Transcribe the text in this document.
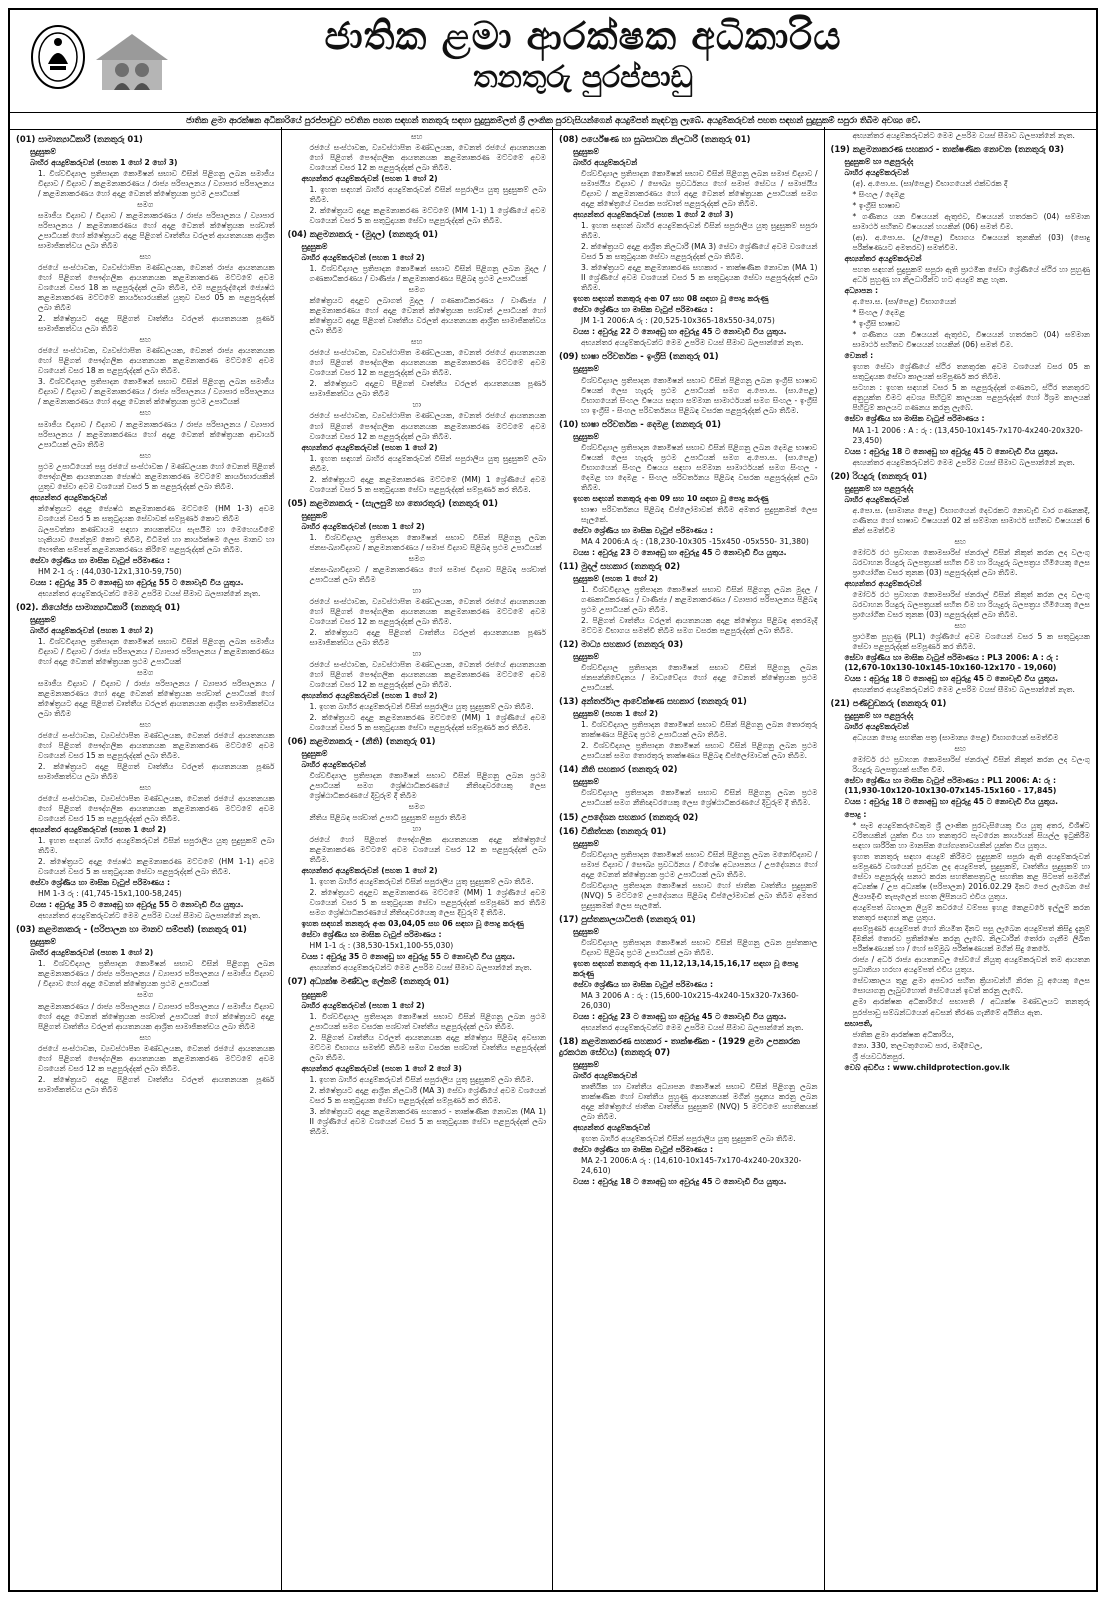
ජාතික ළමා ආරක්ෂක අධිකාරිය
තනතුරු පුරප්පාඩු
ජාතික ළමා ආරක්ෂක අධිකාරියේ පුරප්පාඩුව පවතින පහත සඳහන් තනතුරු සඳහා සුදුසුකම්ලත් ශ්‍රී ලාංකික පුරවැසියන්ගෙන් අයදුම්පත් කැඳවනු ලැබේ. අයදුම්කරුවන් පහත සඳහන් සුදුසුකම් සපුරා තිබීම අවශ්‍ය වේ.
(01) සාමාන්‍යාධිකාරී (තනතුරු 01)
සුදුසුකම්
බාහිර අයදුම්කරුවන් (පහත 1 හෝ 2 හෝ 3)
1. විශ්වවිද්‍යාල ප්‍රතිපාදන කොමිෂන් සභාව විසින් පිළිගනු ලබන සමාජීය විද්‍යාව / විද්‍යාව / කළමනාකරණය / රාජ්‍ය පරිපාලනය / ව්‍යාපාර පරිපාලනය / කළමනාකරණය හෝ අදාළ වෙනත් ක්ෂේත්‍රයක ප්‍රථම උපාධියක්
සමග
සමාජීය විද්‍යාව / විද්‍යාව / කළමනාකරණය / රාජ්‍ය පරිපාලනය / ව්‍යාපාර පරිපාලනය / කළමනාකරණය හෝ අදාළ වෙනත් ක්ෂේත්‍රයක පශ්චාත් උපාධියක් හෝ ක්ෂේත්‍රයට අදාළ පිළිගත් වෘත්තීය වරලත් ආයතනයක ආශ්‍රිත සාමාජිකත්වය ලබා තිබීම
සහ
රජයේ සංස්ථාවක, ව්‍යවස්ථාපිත මණ්ඩලයක, වෙනත් රාජ්‍ය ආයතනයක හෝ පිළිගත් පෞද්ගලික ආයතනයක කළමනාකරණ මට්ටමේ අවම වශයෙන් වසර 18 ක පළපුරුද්දක් ලබා තිබීම, එම පළපුරුද්දෙන් ජ්‍යෙෂ්ඨ කළමනාකරණ මට්ටමේ කාර්යභාරයකින් යුතුව වසර 05 ක පළපුරුද්දක් ලබා තිබීම
2. ක්ෂේත්‍රයට අදාළ පිළිගත් වෘත්තීය වරලත් ආයතනයක පූර්ණ සාමාජිකත්වය ලබා තිබීම
සහ
රජයේ සංස්ථාවක, ව්‍යවස්ථාපිත මණ්ඩලයක, වෙනත් රාජ්‍ය ආයතනයක හෝ පිළිගත් පෞද්ගලික ආයතනයක කළමනාකරණ මට්ටමේ අවම වශයෙන් වසර 18 ක පළපුරුද්දක් ලබා තිබීම.
3. විශ්වවිද්‍යාල ප්‍රතිපාදන කොමිෂන් සභාව විසින් පිළිගනු ලබන සමාජීය විද්‍යාව / විද්‍යාව / කළමනාකරණය / රාජ්‍ය පරිපාලනය / ව්‍යාපාර පරිපාලනය / කළමනාකරණය හෝ අදාළ වෙනත් ක්ෂේත්‍රයක ප්‍රථම උපාධියක්
සහ
සමාජීය විද්‍යාව / විද්‍යාව / කළමනාකරණය / රාජ්‍ය පරිපාලනය / ව්‍යාපාර පරිපාලනය / කළමනාකරණය හෝ අදාළ වෙනත් ක්ෂේත්‍රයක ආචාර්ය උපාධියක් ලබා තිබීම
සහ
ප්‍රථම උපාධියෙන් පසු රජයේ සංස්ථාවක / මණ්ඩලයක හෝ වෙනත් පිළිගත් පෞද්ගලික ආයතනයක ජ්‍යෙෂ්ඨ කළමනාකරණ මට්ටමේ කාර්යභාරයකින් යුතුව සේවා අවම වශයෙන් වසර 5 ක පළපුරුද්දක් ලබා තිබීම.
අභ්‍යන්තර අයදුම්කරුවන්
ක්ෂේත්‍රයට අදාළ ජ්‍යෙෂ්ඨ කළමනාකරණ මට්ටමේ (HM 1-3) අවම වශයෙන් වසර 5 ක සතුටුදායක සේවාවක් සම්පූර්ණ කොට තිබීම
බලපවත්නා කණ්ඩායම සඳහා නායකත්වය සැපයීම හා මෙහෙයවීමේ හැකියාව පෙන්නුම් කොට තිබීම, විධිමත් හා කාර්යක්ෂම ලෙස මානව හා භෞතික සම්පත් කළමනාකරණය කිරීමේ පළපුරුද්දක් ලබා තිබීම.
සේවා ශ්‍රේණිය හා මාසික වැටුප් පරිමාණය :
HM 2-1 රු : (44,030-12x1,310-59,750)
වයස : අවුරුදු 35 ට නොඅඩු හා අවුරුදු 55 ට නොවැඩි විය යුතුය.
අභ්‍යන්තර අයදුම්කරුවන්ට මෙම උපරිම වයස් සීමාව බලපාන්නේ නැත.
(02). නියෝජ්‍ය සාමාන්‍යාධිකාරී (තනතුරු 01)
සුදුසුකම්
බාහිර අයදුම්කරුවන් (පහත 1 හෝ 2)
1. විශ්වවිද්‍යාල ප්‍රතිපාදන කොමිෂන් සභාව විසින් පිළිගනු ලබන සමාජීය විද්‍යාව / විද්‍යාව / රාජ්‍ය පරිපාලනය / ව්‍යාපාර පරිපාලනය / කළමනාකරණය හෝ අදාළ වෙනත් ක්ෂේත්‍රයක ප්‍රථම උපාධියක්
සමග
සමාජීය විද්‍යාව / විද්‍යාව / රාජ්‍ය පරිපාලනය / ව්‍යාපාර පරිපාලනය / කළමනාකරණය හෝ අදාළ වෙනත් ක්ෂේත්‍රයක පශ්චාත් උපාධියක් හෝ ක්ෂේත්‍රයට අදාළ පිළිගත් වෘත්තීය වරලත් ආයතනයක ආශ්‍රිත සාමාජිකත්වය ලබා තිබීම
සහ
රජයේ සංස්ථාවක, ව්‍යවස්ථාපිත මණ්ඩලයක, වෙනත් රජයේ ආයතනයක හෝ පිළිගත් පෞද්ගලික ආයතනයක කළමනාකරණ මට්ටමේ අවම වශයෙන් වසර 15 ක පළපුරුද්දක් ලබා තිබීම.
2. ක්ෂේත්‍රයට අදාළ පිළිගත් වෘත්තීය වරලත් ආයතනයක පූර්ණ සාමාජිකත්වය ලබා තිබීම
සහ
රජයේ සංස්ථාවක, ව්‍යවස්ථාපිත මණ්ඩලයක, වෙනත් රජයේ ආයතනයක හෝ පිළිගත් පෞද්ගලික ආයතනයක කළමනාකරණ මට්ටමේ අවම වශයෙන් වසර 15 ක පළපුරුද්දක් ලබා තිබීම.
අභ්‍යන්තර අයදුම්කරුවන් (පහත 1 හෝ 2)
1. ඉහත සඳහන් බාහිර අයදුම්කරුවන් විසින් සපුරාලිය යුතු සුදුසුකම් ලබා තිබීම.
2. ක්ෂේත්‍රයට අදාළ ජ්‍යෙෂ්ඨ කළමනාකරණ මට්ටමේ (HM 1-1) අවම වශයෙන් වසර 5 ක සතුටුදායක සේවා පළපුරුද්දක් ලබා තිබීම.
සේවා ශ්‍රේණිය හා මාසික වැටුප් පරිමාණය :
HM 1-3 රු : (41,745-15x1,100-58,245)
වයස : අවුරුදු 35 ට නොඅඩු හා අවුරුදු 55 ට නොවැඩි විය යුතුය.
අභ්‍යන්තර අයදුම්කරුවන්ට මෙම උපරිම වයස් සීමාව බලපාන්නේ නැත.
(03) කළමනාකරු - (පරිපාලන හා මානව සම්පත්) (තනතුරු 01)
සුදුසුකම්
බාහිර අයදුම්කරුවන් (පහත 1 හෝ 2)
1. විශ්වවිද්‍යාල ප්‍රතිපාදන කොමිෂන් සභාව විසින් පිළිගනු ලබන කළමනාකරණය / රාජ්‍ය පරිපාලනය / ව්‍යාපාර පරිපාලනය / සමාජීය විද්‍යාව / විද්‍යාව හෝ අදාළ වෙනත් ක්ෂේත්‍රයක ප්‍රථම උපාධියක්
සමග
කළමනාකරණය / රාජ්‍ය පරිපාලනය / ව්‍යාපාර පරිපාලනය / සමාජීය විද්‍යාව හෝ අදාළ වෙනත් ක්ෂේත්‍රයක පශ්චාත් උපාධියක් හෝ ක්ෂේත්‍රයට අදාළ පිළිගත් වෘත්තීය වරලත් ආයතනයක ආශ්‍රිත සාමාජිකත්වය ලබා තිබීම
සහ
රජයේ සංස්ථාවක, ව්‍යවස්ථාපිත මණ්ඩලයක, වෙනත් රජයේ ආයතනයක හෝ පිළිගත් පෞද්ගලික ආයතනයක කළමනාකරණ මට්ටමේ අවම වශයෙන් වසර 12 ක පළපුරුද්දක් ලබා තිබීම.
2. ක්ෂේත්‍රයට අදාළ පිළිගත් වෘත්තීය වරලත් ආයතනයක පූර්ණ සාමාජිකත්වය ලබා තිබීම
සහ
රජයේ සංස්ථාවක, ව්‍යවස්ථාපිත මණ්ඩලයක, වෙනත් රජයේ ආයතනයක හෝ පිළිගත් පෞද්ගලික ආයතනයක කළමනාකරණ මට්ටමේ අවම වශයෙන් වසර 12 ක පළපුරුද්දක් ලබා තිබීම.
අභ්‍යන්තර අයදුම්කරුවන් (පහත 1 හෝ 2)
1. ඉහත සඳහන් බාහිර අයදුම්කරුවන් විසින් සපුරාලිය යුතු සුදුසුකම් ලබා තිබීම.
2. ක්ෂේත්‍රයට අදාළ කළමනාකරණ මට්ටමේ (MM 1-1) 1 ශ්‍රේණියේ අවම වශයෙන් වසර 5 ක සතුටුදායක සේවා පළපුරුද්දක් ලබා තිබීම.
(04) කළමනාකරු - (මුදල) (තනතුරු 01)
සුදුසුකම්
බාහිර අයදුම්කරුවන් (පහත 1 හෝ 2)
1. විශ්වවිද්‍යාල ප්‍රතිපාදන කොමිෂන් සභාව විසින් පිළිගනු ලබන මුදල / ගණකාධිකරණය / වාණිජ්‍ය / කළමනාකරණය පිළිබඳ ප්‍රථම උපාධියක්
සමග
ක්ෂේත්‍රයට අදාළව ලබාගත් මුදල / ගණකාධිකරණය / වාණිජ්‍ය / කළමනාකරණය හෝ අදාළ වෙනත් ක්ෂේත්‍රයක පශ්චාත් උපාධියක් හෝ ක්ෂේත්‍රයට අදාළ පිළිගත් වෘත්තීය වරලත් ආයතනයක ආශ්‍රිත සාමාජිකත්වය ලබා තිබීම
සහ
රජයේ සංස්ථාවක, ව්‍යවස්ථාපිත මණ්ඩලයක, වෙනත් රජයේ ආයතනයක හෝ පිළිගත් පෞද්ගලික ආයතනයක කළමනාකරණ මට්ටමේ අවම වශයෙන් වසර 12 ක පළපුරුද්දක් ලබා තිබීම.
2. ක්ෂේත්‍රයට අදාළව පිළිගත් වෘත්තීය වරලත් ආයතනයක පූර්ණ සාමාජිකත්වය ලබා තිබීම
හා
රජයේ සංස්ථාවක, ව්‍යවස්ථාපිත මණ්ඩලයක, වෙනත් රජයේ ආයතනයක හෝ පිළිගත් පෞද්ගලික ආයතනයක කළමනාකරණ මට්ටමේ අවම වශයෙන් වසර 12 ක පළපුරුද්දක් ලබා තිබීම.
අභ්‍යන්තර අයදුම්කරුවන් (පහත 1 හෝ 2)
1. ඉහත සඳහන් බාහිර අයදුම්කරුවන් විසින් සපුරාලිය යුතු සුදුසුකම් ලබා තිබීම.
2. ක්ෂේත්‍රයට අදාළ කළමනාකරණ මට්ටමේ (MM) 1 ශ්‍රේණියේ අවම වශයෙන් වසර 5 ක සතුටුදායක සේවා පළපුරුද්දක් සම්පූර්ණ කර තිබීම.
(05) කළමනාකරු - (සැලසුම් හා තොරතුරු) (තනතුරු 01)
සුදුසුකම්
බාහිර අයදුම්කරුවන් (පහත 1 හෝ 2)
1. විශ්වවිද්‍යාල ප්‍රතිපාදන කොමිෂන් සභාව විසින් පිළිගනු ලබන ජනසංඛ්‍යාවිද්‍යාව / කළමනාකරණය / සමාජ විද්‍යාව පිළිබඳ ප්‍රථම උපාධියක්
සමග
ජනසංඛ්‍යාවිද්‍යාව / කළමනාකරණය හෝ සමාජ විද්‍යාව පිළිබඳ පශ්චාත් උපාධියක් ලබා තිබීම
හා
රජයේ සංස්ථාවක, ව්‍යවස්ථාපිත මණ්ඩලයක, වෙනත් රජයේ ආයතනයක හෝ පිළිගත් පෞද්ගලික ආයතනයක කළමනාකරණ මට්ටමේ අවම වශයෙන් වසර 12 ක පළපුරුද්දක් ලබා තිබීම.
2. ක්ෂේත්‍රයට අදාළ පිළිගත් වෘත්තීය වරලත් ආයතනයක පූර්ණ සාමාජිකත්වය ලබා තිබීම
හා
රජයේ සංස්ථාවක, ව්‍යවස්ථාපිත මණ්ඩලයක, වෙනත් රජයේ ආයතනයක හෝ පිළිගත් පෞද්ගලික ආයතනයක කළමනාකරණ මට්ටමේ අවම වශයෙන් වසර 12 ක පළපුරුද්දක් ලබා තිබීම.
අභ්‍යන්තර අයදුම්කරුවන් (පහත 1 හෝ 2)
1. ඉහත බාහිර අයදුම්කරුවන් විසින් සපුරාලිය යුතු සුදුසුකම් ලබා තිබීම.
2. ක්ෂේත්‍රයට අදාළ කළමනාකරණ මට්ටමේ (MM) 1 ශ්‍රේණියේ අවම වශයෙන් වසර 5 ක සතුටුදායක සේවා පළපුරුද්දක් සම්පූර්ණ කර තිබීම.
(06) කළමනාකරු - (නීති) (තනතුරු 01)
සුදුසුකම්
බාහිර අයදුම්කරුවන්
විශ්වවිද්‍යාල ප්‍රතිපාදන කොමිෂන් සභාව විසින් පිළිගනු ලබන ප්‍රථම උපාධියක් සමග ශ්‍රේෂ්ඨාධිකරණයේ නීතිඥවරයෙකු ලෙස ශ්‍රේෂ්ඨාධිකරණයේ දිවුරුම් දී තිබීම
සමග
නීතිය පිළිබඳ පශ්චාත් උපාධි සුදුසුකම් සපුරා තිබීම
හා
රජයේ හෝ පිළිගත් පෞද්ගලික ආයතනයක අදාළ ක්ෂේත්‍රයේ කළමනාකරණ මට්ටමේ අවම වශයෙන් වසර 12 ක පළපුරුද්දක් ලබා තිබීම.
අභ්‍යන්තර අයදුම්කරුවන් (පහත 1 හෝ 2)
1. ඉහත බාහිර අයදුම්කරුවන් විසින් සපුරාලිය යුතු සුදුසුකම් ලබා තිබීම.
2. ක්ෂේත්‍රයට අදාළව කළමනාකරණ මට්ටමේ (MM) 1 ශ්‍රේණියේ අවම වශයෙන් වසර 5 ක සතුටුදායක සේවා පළපුරුද්දක් සම්පූර්ණ කර තිබීම සමග ශ්‍රේෂ්ඨාධිකරණයේ නීතිඥවරයෙකු ලෙස දිවුරුම් දී තිබීම.
ඉහත සඳහන් තනතුරු අංක 03,04,05 සහ 06 සඳහා වූ පොදු කරුණු
සේවා ශ්‍රේණිය හා මාසික වැටුප් පරිමාණය :
HM 1-1 රු : (38,530-15x1,100-55,030)
වයස : අවුරුදු 35 ට නොඅඩු හා අවුරුදු 55 ට නොවැඩි විය යුතුය.
අභ්‍යන්තර අයදුම්කරුවන්ට මෙම උපරිම වයස් සීමාව බලපාන්නේ නැත.
(07) අධ්‍යක්ෂ මණ්ඩල ලේකම් (තනතුරු 01)
සුදුසුකම්
බාහිර අයදුම්කරුවන් (පහත 1 හෝ 2)
1. විශ්වවිද්‍යාල ප්‍රතිපාදන කොමිෂන් සභාව විසින් පිළිගනු ලබන ප්‍රථම උපාධියක් සමග වසරක පශ්චාත් වෘත්තීය පළපුරුද්දක් ලබා තිබීම.
2. පිළිගත් වෘත්තීය වරලත් ආයතනයක අදාළ ක්ෂේත්‍රය පිළිබඳ අවසාන මට්ටම විභාගය සමත්වී තිබීම සමග වසරක පශ්චාත් වෘත්තීය පළපුරුද්දක් ලබා තිබීම.
අභ්‍යන්තර අයදුම්කරුවන් (පහත 1 හෝ 2 හෝ 3)
1. ඉහත බාහිර අයදුම්කරුවන් විසින් සපුරාලිය යුතු සුදුසුකම් ලබා තිබීම.
2. ක්ෂේත්‍රයට අදාළ ආශ්‍රිත නිලධාරී (MA 3) සේවා ශ්‍රේණියේ අවම වශයෙන් වසර 5 ක සතුටුදායක සේවා පළපුරුද්දක් සම්පූර්ණ කර තිබීම.
3. ක්ෂේත්‍රයට අදාළ කළමනාකරණ සහකාර - තාක්ෂණික නොවන (MA 1) II ශ්‍රේණියේ අවම වශයෙන් වසර 5 ක සතුටුදායක සේවා පළපුරුද්දක් ලබා තිබීම.
(08) පර්යේෂණ හා සුබසාධන නිලධාරී (තනතුරු 01)
සුදුසුකම්
බාහිර අයදුම්කරුවන්
විශ්වවිද්‍යාල ප්‍රතිපාදන කොමිෂන් සභාව විසින් පිළිගනු ලබන සමාජ විද්‍යාව / සමාජයීය විද්‍යාව / සෞඛ්‍ය ප්‍රවර්ධනය හෝ සමාජ සේවය / සමාජයීය විද්‍යාව / කළමනාකරණය හෝ අදාළ වෙනත් ක්ෂේත්‍රයක උපාධියක් සමග අදාළ ක්ෂේත්‍රයේ වසරක පශ්චාත් පළපුරුද්දක් ලබා තිබීම.
අභ්‍යන්තර අයදුම්කරුවන් (පහත 1 හෝ 2 හෝ 3)
1. ඉහත සඳහන් බාහිර අයදුම්කරුවන් විසින් සපුරාලිය යුතු සුදුසුකම් සපුරා තිබීම.
2. ක්ෂේත්‍රයට අදාළ ආශ්‍රිත නිලධාරී (MA 3) සේවා ශ්‍රේණියේ අවම වශයෙන් වසර 5 ක සතුටුදායක සේවා පළපුරුද්දක් ලබා තිබීම.
3. ක්ෂේත්‍රයට අදාළ කළමනාකරණ සහකාර - තාක්ෂණික නොවන (MA 1) II ශ්‍රේණියේ අවම වශයෙන් වසර 5 ක සතුටුදායක සේවා පළපුරුද්දක් ලබා තිබීම.
ඉහත සඳහන් තනතුරු අංක 07 සහ 08 සඳහා වූ පොදු කරුණු
සේවා ශ්‍රේණිය හා මාසික වැටුප් පරිමාණය :
JM 1-1 2006:A රු : (20,525-10x365-18x550-34,075)
වයස : අවුරුදු 22 ට නොඅඩු හා අවුරුදු 45 ට නොවැඩි විය යුතුය.
අභ්‍යන්තර අයදුම්කරුවන්ට මෙම උපරිම වයස් සීමාව බලපාන්නේ නැත.
(09) භාෂා පරිවර්තක - ඉංග්‍රීසි (තනතුරු 01)
සුදුසුකම්
විශ්වවිද්‍යාල ප්‍රතිපාදන කොමිෂන් සභාව විසින් පිළිගනු ලබන ඉංග්‍රීසි භාෂාව විෂයක් ලෙස හැදෑරූ ප්‍රථම උපාධියක් සමග අ.පො.ස. (සා.පෙළ) විභාගයෙන් සිංහල විෂයය සඳහා සම්මාන සාමාර්ථයක් සමග සිංහල - ඉංග්‍රීසි හා ඉංග්‍රීසි - සිංහල පරිවර්තනය පිළිබඳ වසරක පළපුරුද්දක් ලබා තිබීම.
(10) භාෂා පරිවර්තක - දෙමළ (තනතුරු 01)
සුදුසුකම්
විශ්වවිද්‍යාල ප්‍රතිපාදන කොමිෂන් සභාව විසින් පිළිගනු ලබන දෙමළ භාෂාව විෂයක් ලෙස හැදෑරූ ප්‍රථම උපාධියක් සමග අ.පො.ස. (සා.පෙළ) විභාගයෙන් සිංහල විෂයය සඳහා සම්මාන සාමාර්ථයක් සමග සිංහල - දෙමළ හා දෙමළ - සිංහල පරිවර්තනය පිළිබඳ වසරක පළපුරුද්දක් ලබා තිබීම.
ඉහත සඳහන් තනතුරු අංක 09 සහ 10 සඳහා වූ පොදු කරුණු
භාෂා පරිවර්තනය පිළිබඳ ඩිප්ලෝමාවක් තිබීම අමතර සුදුසුකමක් ලෙස සැලකේ.
සේවා ශ්‍රේණිය හා මාසික වැටුප් පරිමාණය :
MA 4 2006:A රු : (18,230-10x305 -15x450 -05x550- 31,380)
වයස : අවුරුදු 23 ට නොඅඩු හා අවුරුදු 45 ට නොවැඩි විය යුතුය.
(11) මුදල් සහකාර (තනතුරු 02)
සුදුසුකම් (පහත 1 හෝ 2)
1. විශ්වවිද්‍යාල ප්‍රතිපාදන කොමිෂන් සභාව විසින් පිළිගනු ලබන මුදල / ගණකාධිකරණය / වාණිජ්‍ය / කළමනාකරණය / ව්‍යාපාර පරිපාලනය පිළිබඳ ප්‍රථම උපාධියක් ලබා තිබීම.
2. පිළිගත් වෘත්තීය වරලත් ආයතනයක අදාළ ක්ෂේත්‍රය පිළිබඳ අතරමැදි මට්ටම විභාගය සමත්වී තිබීම සමග වසරක පළපුරුද්දක් ලබා තිබීම.
(12) මාධ්‍ය සහකාර (තනතුරු 03)
සුදුසුකම්
විශ්වවිද්‍යාල ප්‍රතිපාදන කොමිෂන් සභාව විසින් පිළිගනු ලබන ජනසන්නිවේදනය / මාධ්‍යවේදය හෝ අදාළ වෙනත් ක්ෂේත්‍රයක ප්‍රථම උපාධියක්.
(13) අන්තර්ජාල ආවේක්ෂණ සහකාර (තනතුරු 01)
සුදුසුකම් (පහත 1 හෝ 2)
1. විශ්වවිද්‍යාල ප්‍රතිපාදන කොමිෂන් සභාව විසින් පිළිගනු ලබන තොරතුරු තාක්ෂණය පිළිබඳ ප්‍රථම උපාධියක් ලබා තිබීම.
2. විශ්වවිද්‍යාල ප්‍රතිපාදන කොමිෂන් සභාව විසින් පිළිගනු ලබන ප්‍රථම උපාධියක් සමග තොරතුරු තාක්ෂණය පිළිබඳ ඩිප්ලෝමාවක් ලබා තිබීම.
(14) නීති සහකාර (තනතුරු 02)
සුදුසුකම්
විශ්වවිද්‍යාල ප්‍රතිපාදන කොමිෂන් සභාව විසින් පිළිගනු ලබන ප්‍රථම උපාධියක් සමග නීතිඥවරයෙකු ලෙස ශ්‍රේෂ්ඨාධිකරණයේ දිවුරුම් දී තිබීම.
(15) උපදේශන සහකාර (තනතුරු 02)
(16) චිකිත්සක (තනතුරු 01)
සුදුසුකම්
විශ්වවිද්‍යාල ප්‍රතිපාදන කොමිෂන් සභාව විසින් පිළිගනු ලබන මනෝවිද්‍යාව / සමාජ විද්‍යාව / සෞඛ්‍ය ප්‍රවර්ධනය / විශේෂ අධ්‍යාපනය / උපදේශනය හෝ අදාළ වෙනත් ක්ෂේත්‍රයක ප්‍රථම උපාධියක් ලබා තිබීම.
විශ්වවිද්‍යාල ප්‍රතිපාදන කොමිෂන් සභාව හෝ ජාතික වෘත්තීය සුදුසුකම් (NVQ) 5 මට්ටමේ උපදේශනය පිළිබඳ ඩිප්ලෝමාවක් ලබා තිබීම අමතර සුදුසුකමක් ලෙස සැලකේ.
(17) පුස්තකාලයාධිපති (තනතුරු 01)
සුදුසුකම්
විශ්වවිද්‍යාල ප්‍රතිපාදන කොමිෂන් සභාව විසින් පිළිගනු ලබන පුස්තකාල විද්‍යාව පිළිබඳ ප්‍රථම උපාධියක් ලබා තිබීම.
ඉහත සඳහන් තනතුරු අංක 11,12,13,14,15,16,17 සඳහා වූ පොදු කරුණු
සේවා ශ්‍රේණිය හා මාසික වැටුප් පරිමාණය :
MA 3 2006 A : රු : (15,600-10x215-4x240-15x320-7x360-26,030)
වයස : අවුරුදු 23 ට නොඅඩු හා අවුරුදු 45 ට නොවැඩි විය යුතුය.
අභ්‍යන්තර අයදුම්කරුවන්ට මෙම උපරිම වයස් සීමාව බලපාන්නේ නැත.
(18) කළමනාකරණ සහකාර - තාක්ෂණික - (1929 ළමා උපකාරක දුරකථන සේවය) (තනතුරු 07)
සුදුසුකම්
බාහිර අයදුම්කරුවන්
තෘතීයික හා වෘත්තීය අධ්‍යාපන කොමිෂන් සභාව විසින් පිළිගනු ලබන තාක්ෂණික හෝ වෘත්තීය පුහුණු ආයතනයක් මගින් ප්‍රදානය කරනු ලබන අදාළ ක්ෂේත්‍රයේ ජාතික වෘත්තීය සුදුසුකම් (NVQ) 5 මට්ටමේ සහතිකයක් ලබා තිබීම.
අභ්‍යන්තර අයදුම්කරුවන්
ඉහත බාහිර අයදුම්කරුවන් විසින් සපුරාලිය යුතු සුදුසුකම් ලබා තිබීම.
සේවා ශ්‍රේණිය හා මාසික වැටුප් පරිමාණය :
MA 2-1 2006:A රු : (14,610-10x145-7x170-4x240-20x320-24,610)
වයස : අවුරුදු 18 ට නොඅඩු හා අවුරුදු 45 ට නොවැඩි විය යුතුය.
අභ්‍යන්තර අයදුම්කරුවන්ට මෙම උපරිම වයස් සීමාව බලපාන්නේ නැත.
(19) කළමනාකරණ සහකාර - තාක්ෂණික නොවන (තනතුරු 03)
සුදුසුකම් හා පළපුරුද්ද
බාහිර අයදුම්කරුවන්
(අ). අ.පො.ස. (සා/පෙළ) විභාගයෙන් එක්වරක දී
* සිංහල / දෙමළ
* ඉංග්‍රීසි භාෂාව
* ගණිතය යන විෂයයන් ඇතුළුව, විෂයයන් හතරකට (04) සම්මාන සාමාර්ථ සහිතව විෂයයන් හයකින් (06) සමත් වීම.
(ආ). අ.පො.ස. (උ/පෙළ) විභාගය විෂයයන් තුනකින් (03) (පොදු පරීක්ෂණයට අමතරව) සමත්වීම.
අභ්‍යන්තර අයදුම්කරුවන්
පහත සඳහන් සුදුසුකම් සපුරා ඇති ප්‍රාථමික සේවා ශ්‍රේණියේ ස්ථිර හා පුහුණු අර්ධ පුහුණු හා නිලධාරීන්ට හට අයදුම් කළ හැක.
අධ්‍යාපන :
අ.පො.ස. (සා/පෙළ) විභාගයෙන්
* සිංහල / දෙමළ
* ඉංග්‍රීසි භාෂාව
* ගණිතය යන විෂයයන් ඇතුළුව, විෂයයන් හතරකට (04) සම්මාන සාමාර්ථ සහිතව විෂයයන් හයකින් (06) සමත් වීම.
වෙනත් :
ඉහත සේවා ශ්‍රේණියේ ස්ථිර තනතුරක අවම වශයෙන් වසර 05 ක සතුටුදායක සේවා කාලයක් සම්පූර්ණ කර තිබීම.
සටහන : ඉහත සඳහන් වසර 5 ක පළපුරුද්දක් ගණනට, ස්ථිර තනතුරට අනුයුක්ත වීමට අවශ්‍ය පිහිටුම් කාලයක පළපුරුද්දක් හෝ ඊශ්‍රම කාලයක් පිහිටුම් කාලයට ගණනය කරනු ලැබේ.
සේවා ශ්‍රේණිය හා මාසික වැටුප් පරිමාණය :
MA 1-1 2006 : A : රු : (13,450-10x145-7x170-4x240-20x320-23,450)
වයස : අවුරුදු 18 ට නොඅඩු හා අවුරුදු 45 ට නොවැඩි විය යුතුය.
අභ්‍යන්තර අයදුම්කරුවන්ට මෙම උපරිම වයස් සීමාව බලපාන්නේ නැත.
(20) රියදුරු (තනතුරු 01)
සුදුසුකම් හා පළපුරුද්ද
බාහිර අයදුම්කරුවන්
අ.පො.ස. (සාමාන්‍ය පෙළ) විභාගයෙන් දෙවරකට නොවැඩි වාර ගණනකදී, ගණිතය හෝ භාෂාව විෂයයන් 02 ක් සම්මාන සාමාර්ථ සහිතව විෂයයන් 6 කින් සමත්වීම
සහ
මෝටර් රථ ප්‍රවාහන කොමසාරිස් ජනරාල් විසින් නිකුත් කරන ලද වලංගු බරවාහන රියදුරු බලපත්‍රයක් සහිත වීම හා රියැදුරු බලපත්‍රය හිමියෙකු ලෙස ප්‍රායෝගික වසර තුනක (03) පළපුරුද්දක් ලබා තිබීම.
අභ්‍යන්තර අයදුම්කරුවන්
මෝටර් රථ ප්‍රවාහන කොමසාරිස් ජනරාල් විසින් නිකුත් කරන ලද වලංගු බරවාහන රියදුරු බලපත්‍රයක් සහිත වීම හා රියැදුරු බලපත්‍රය හිමියෙකු ලෙස ප්‍රායෝගික වසර තුනක (03) පළපුරුද්දක් ලබා තිබීම.
සහ
ප්‍රාථමික පුහුණු (PL1) ශ්‍රේණියේ අවම වශයෙන් වසර 5 ක සතුටුදායක සේවා පළපුරුද්දක් සම්පූර්ණ කර තිබීම.
සේවා ශ්‍රේණිය හා මාසික වැටුප් පරිමාණය : PL3 2006: A : රු : (12,670-10x130-10x145-10x160-12x170 - 19,060)
වයස : අවුරුදු 18 ට නොඅඩු හා අවුරුදු 45 ට නොවැඩි විය යුතුය.
අභ්‍යන්තර අයදුම්කරුවන්ට මෙම උපරිම වයස් සීමාව බලපාන්නේ නැත.
(21) පණිවුඩකරු (තනතුරු 01)
සුදුසුකම් හා පළපුරුද්ද
බාහිර අයදුම්කරුවන්
අධ්‍යයන පොදු සහතික පත්‍ර (සාමාන්‍ය පෙළ) විභාගයෙන් සමත්වීම
සහ
මෝටර් රථ ප්‍රවාහන කොමසාරිස් ජනරාල් විසින් නිකුත් කරන ලද වලංගු රියදුරු බලපත්‍රයක් සහිත වීම.
සේවා ශ්‍රේණිය හා මාසික වැටුප් පරිමාණය : PL1 2006: A: රු : (11,930-10x120-10x130-07x145-15x160 - 17,845)
වයස : අවුරුදු 18 ට නොඅඩු හා අවුරුදු 45 ට නොවැඩි විය යුතුය.
පොදු :
* සෑම අයදුම්කරුවෙකුම ශ්‍රී ලාංකික පුරවැසියෙකු විය යුතු අතර, විශිෂ්ට චරිතයකින් යුක්ත විය හා තනතුරට පැවරෙන කාර්යයන් සියල්ල ඉටුකිරීම සඳහා ශාරීරික හා මානසික යෝග්‍යතාවයකින් යුක්ත විය යුතුය.
ඉහත තනතුරු සඳහා අයදුම් කිරීමට සුදුසුකම් සපුරා ඇති අයදුම්කරුවන් සම්පූර්ණ වශයෙන් පුරවන ලද අයදුම්පත්, සුදුසුකම්, වෘත්තීය සුදුසුකම් හා සේවා පළපුරුද්ද සනාථ කරන සහතිකපත්‍රවල සහතික කළ පිටපත් සමගින් අධ්‍යක්ෂ / උප අධ්‍යක්ෂ (පරිපාලන) 2016.02.29 දිනට පෙර ලැබෙන සේ ලියාපදිංචි තැපෑලෙන් පහත ලිපිනයට එවිය යුතුය.
අයදුම්පත් බහාලන ලියුම් කවරයේ වම්පස ඉහළ කෙළවරේ ඉල්ලුම් කරන තනතුර සඳහන් කළ යුතුය.
අසම්පූර්ණ අයදුම්පත් හෝ නියමිත දිනට පසු ලැබෙන අයදුම්පත් කිසිදු දැනුම් දීමකින් තොරව ප්‍රතික්ෂේප කරනු ලැබේ. නිලධාරීන් තෝරා ගැනීම ලිඛිත පරීක්ෂණයක් හා / හෝ සම්මුඛ පරීක්ෂණයක් මගින් සිදු කෙරේ.
රාජ්‍ය / අර්ධ රාජ්‍ය ආයතනවල සේවයේ නියුතු අයදුම්කරුවන් තම ආයතන ප්‍රධානියා හරහා අයදුම්පත් එවිය යුතුය.
සේවාකාලය තුළ ළමා අපචාර සහිත ක්‍රියාවන්හි නිරත වූ අයෙකු ලෙස සොයාගනු ලැබුවහොත් සේවයෙන් ඉවත් කරනු ලැබේ.
ළමා ආරක්ෂක අධිකාරියේ සභාපති / අධ්‍යක්ෂ මණ්ඩලයට තනතුරු පුරප්පාඩු සම්බන්ධයෙන් අවසන් තීරණ ගැනීමේ අයිතිය ඇත.
සභාපති,
ජාතික ළමා ආරක්ෂක අධිකාරිය,
නො. 330, තලවතුගොඩ පාර, මාදිවෙල,
ශ්‍රී ජයවර්ධනපුර.
වෙබ් අඩවිය : www.childprotection.gov.lk
